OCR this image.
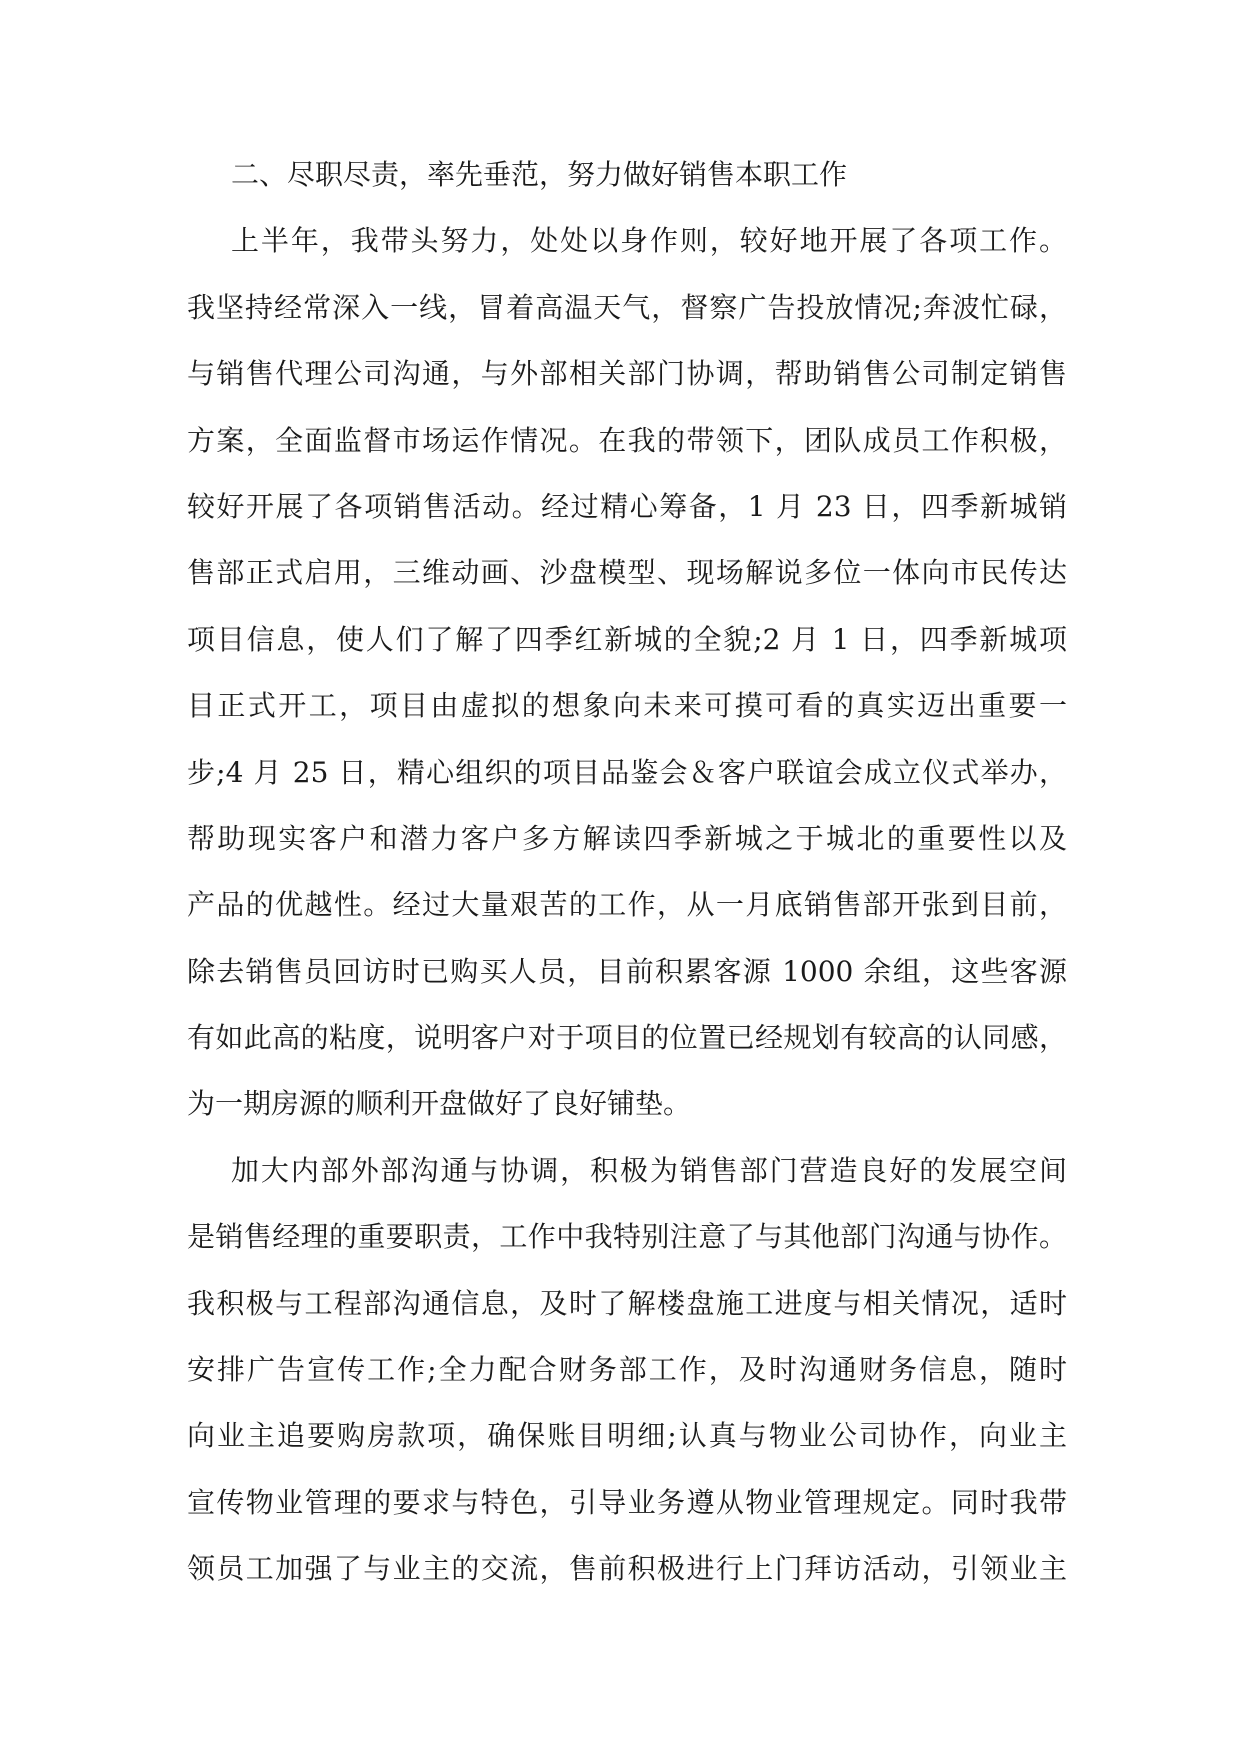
二、尽职尽责，率先垂范，努力做好销售本职工作
上半年，我带头努力，处处以身作则，较好地开展了各项工作。
我坚持经常深入一线，冒着高温天气，督察广告投放情况;奔波忙碌，
与销售代理公司沟通，与外部相关部门协调，帮助销售公司制定销售
方案，全面监督市场运作情况。在我的带领下，团队成员工作积极，
较好开展了各项销售活动。经过精心筹备，1 月 23 日，四季新城销
售部正式启用，三维动画、沙盘模型、现场解说多位一体向市民传达
项目信息，使人们了解了四季红新城的全貌;2 月 1 日，四季新城项
目正式开工，项目由虚拟的想象向未来可摸可看的真实迈出重要一
步;4 月 25 日，精心组织的项目品鉴会＆客户联谊会成立仪式举办，
帮助现实客户和潜力客户多方解读四季新城之于城北的重要性以及
产品的优越性。经过大量艰苦的工作，从一月底销售部开张到目前，
除去销售员回访时已购买人员，目前积累客源 1000 余组，这些客源
有如此高的粘度，说明客户对于项目的位置已经规划有较高的认同感，
为一期房源的顺利开盘做好了良好铺垫。
加大内部外部沟通与协调，积极为销售部门营造良好的发展空间
是销售经理的重要职责，工作中我特别注意了与其他部门沟通与协作。
我积极与工程部沟通信息，及时了解楼盘施工进度与相关情况，适时
安排广告宣传工作;全力配合财务部工作，及时沟通财务信息，随时
向业主追要购房款项，确保账目明细;认真与物业公司协作，向业主
宣传物业管理的要求与特色，引导业务遵从物业管理规定。同时我带
领员工加强了与业主的交流，售前积极进行上门拜访活动，引领业主
